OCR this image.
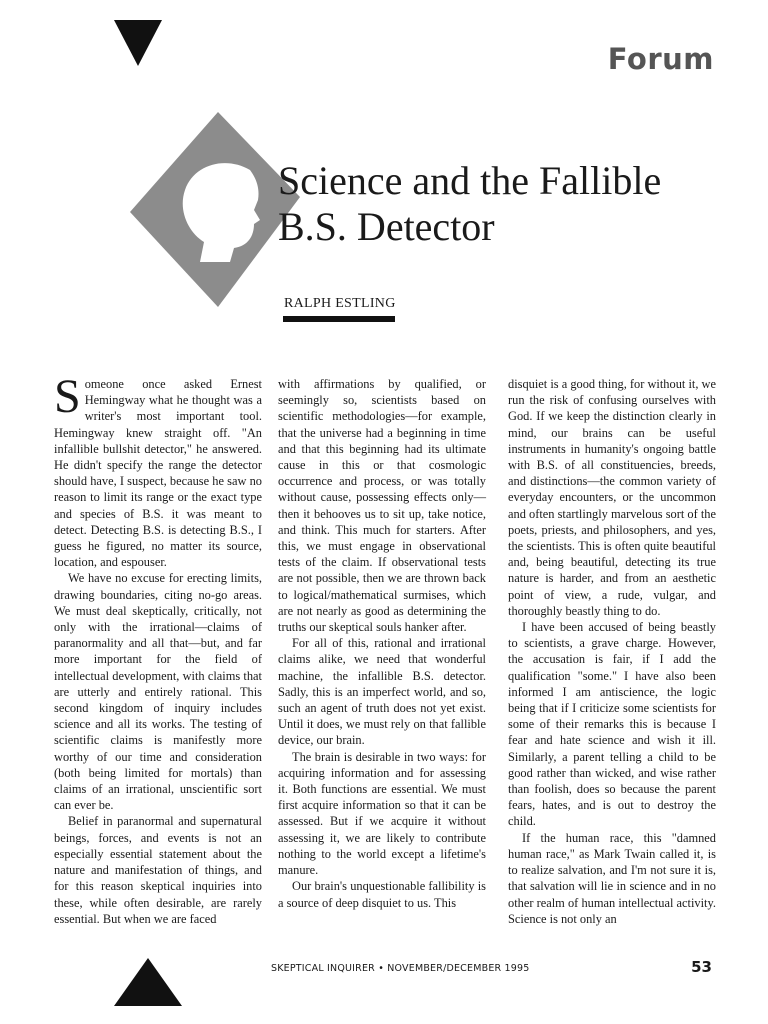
Forum
Science and the Fallible
B.S. Detector
RALPH ESTLING

Someone once asked Ernest Hemingway what he thought was a writer's most important tool. Hemingway knew straight off. "An infallible bullshit detector," he answered. He didn't specify the range the detector should have, I suspect, because he saw no reason to limit its range or the exact type and species of B.S. it was meant to detect. Detecting B.S. is detecting B.S., I guess he figured, no matter its source, location, and espouser.

We have no excuse for erecting limits, drawing boundaries, citing no-go areas. We must deal skeptically, critically, not only with the irrational—claims of paranormality and all that—but, and far more important for the field of intellectual development, with claims that are utterly and entirely rational. This second kingdom of inquiry includes science and all its works. The testing of scientific claims is manifestly more worthy of our time and consideration (both being limited for mortals) than claims of an irrational, unscientific sort can ever be.

Belief in paranormal and supernatural beings, forces, and events is not an especially essential statement about the nature and manifestation of things, and for this reason skeptical inquiries into these, while often desirable, are rarely essential. But when we are faced

with affirmations by qualified, or seemingly so, scientists based on scientific methodologies—for example, that the universe had a beginning in time and that this beginning had its ultimate cause in this or that cosmologic occurrence and process, or was totally without cause, possessing effects only—then it behooves us to sit up, take notice, and think. This much for starters. After this, we must engage in observational tests of the claim. If observational tests are not possible, then we are thrown back to logical/mathematical surmises, which are not nearly as good as determining the truths our skeptical souls hanker after.

For all of this, rational and irrational claims alike, we need that wonderful machine, the infallible B.S. detector. Sadly, this is an imperfect world, and so, such an agent of truth does not yet exist. Until it does, we must rely on that fallible device, our brain.

The brain is desirable in two ways: for acquiring information and for assessing it. Both functions are essential. We must first acquire information so that it can be assessed. But if we acquire it without assessing it, we are likely to contribute nothing to the world except a lifetime's manure.

Our brain's unquestionable fallibility is a source of deep disquiet to us. This

disquiet is a good thing, for without it, we run the risk of confusing ourselves with God. If we keep the distinction clearly in mind, our brains can be useful instruments in humanity's ongoing battle with B.S. of all constituencies, breeds, and distinctions—the common variety of everyday encounters, or the uncommon and often startlingly marvelous sort of the poets, priests, and philosophers, and yes, the scientists. This is often quite beautiful and, being beautiful, detecting its true nature is harder, and from an aesthetic point of view, a rude, vulgar, and thoroughly beastly thing to do.

I have been accused of being beastly to scientists, a grave charge. However, the accusation is fair, if I add the qualification "some." I have also been informed I am antiscience, the logic being that if I criticize some scientists for some of their remarks this is because I fear and hate science and wish it ill. Similarly, a parent telling a child to be good rather than wicked, and wise rather than foolish, does so because the parent fears, hates, and is out to destroy the child.

If the human race, this "damned human race," as Mark Twain called it, is to realize salvation, and I'm not sure it is, that salvation will lie in science and in no other realm of human intellectual activity. Science is not only an

SKEPTICAL INQUIRER • NOVEMBER/DECEMBER 1995	53
